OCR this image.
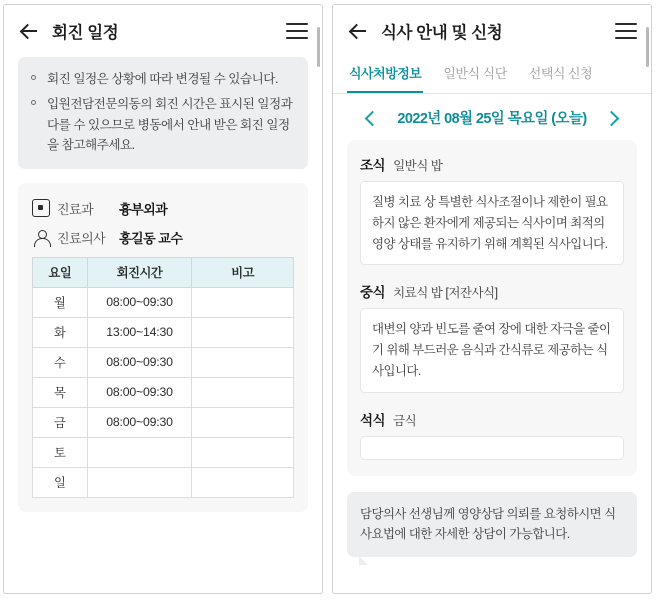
회진 일정
회진 일정은 상황에 따라 변경될 수 있습니다.
입원전담전문의동의 회진 시간은 표시된 일정과 다를 수 있으므로 병동에서 안내 받은 회진 일정을 참고해주세요.
진료과	흉부외과
진료의사	홍길동 교수
요일	회진시간	비고
월	08:00~09:30	
화	13:00~14:30	
수	08:00~09:30	
목	08:00~09:30	
금	08:00~09:30	
토		
일		
식사 안내 및 신청
식사처방정보 일반식 식단 선택식 신청
2022년 08월 25일 목요일 (오늘)
조식 일반식 밥
질병 치료 상 특별한 식사조절이나 제한이 필요하지 않은 환자에게 제공되는 식사이며 최적의 영양 상태를 유지하기 위해 계획된 식사입니다.
중식 치료식 밥 [저잔사식]
대변의 양과 빈도를 줄여 장에 대한 자극을 줄이기 위해 부드러운 음식과 간식류로 제공하는 식사입니다.
석식 금식
담당의사 선생님께 영양상담 의뢰를 요청하시면 식사요법에 대한 자세한 상담이 가능합니다.
